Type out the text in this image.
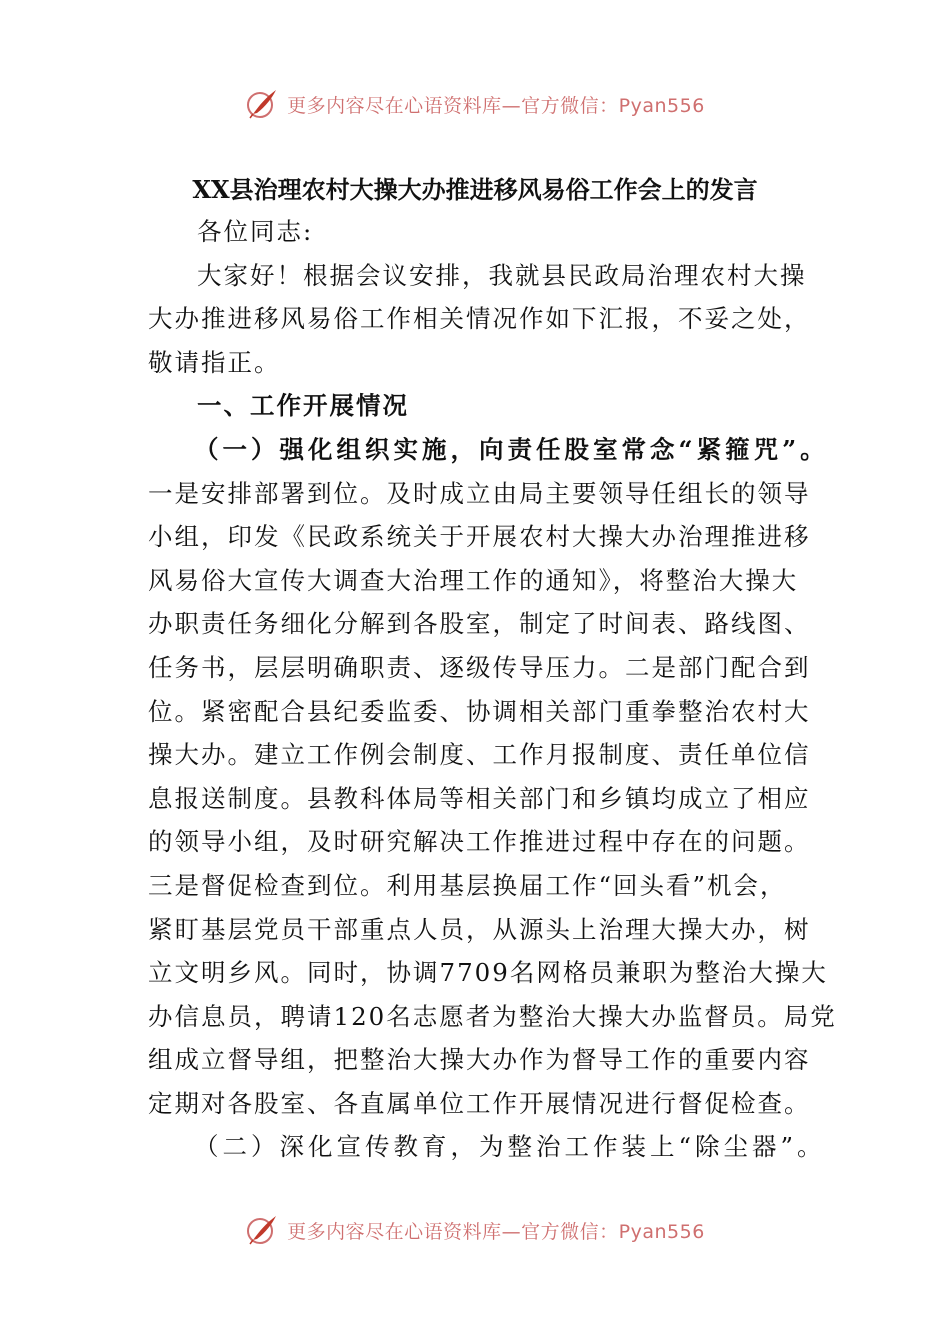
更多内容尽在心语资料库—官方微信：Pyan556
XX县治理农村大操大办推进移风易俗工作会上的发言

各位同志:

大家好！根据会议安排，我就县民政局治理农村大操

大办推进移风易俗工作相关情况作如下汇报，不妥之处，

敬请指正。

一、工作开展情况

（一）强化组织实施，向责任股室常念“紧箍咒”。

一是安排部署到位。及时成立由局主要领导任组长的领导

小组，印发《民政系统关于开展农村大操大办治理推进移

风易俗大宣传大调查大治理工作的通知》，将整治大操大

办职责任务细化分解到各股室，制定了时间表、路线图、

任务书，层层明确职责、逐级传导压力。二是部门配合到

位。紧密配合县纪委监委、协调相关部门重拳整治农村大

操大办。建立工作例会制度、工作月报制度、责任单位信

息报送制度。县教科体局等相关部门和乡镇均成立了相应

的领导小组，及时研究解决工作推进过程中存在的问题。

三是督促检查到位。利用基层换届工作“回头看”机会，

紧盯基层党员干部重点人员，从源头上治理大操大办，树

立文明乡风。同时，协调7709名网格员兼职为整治大操大

办信息员，聘请120名志愿者为整治大操大办监督员。局党

组成立督导组，把整治大操大办作为督导工作的重要内容

定期对各股室、各直属单位工作开展情况进行督促检查。

（二）深化宣传教育，为整治工作装上“除尘器”。

更多内容尽在心语资料库—官方微信：Pyan556
